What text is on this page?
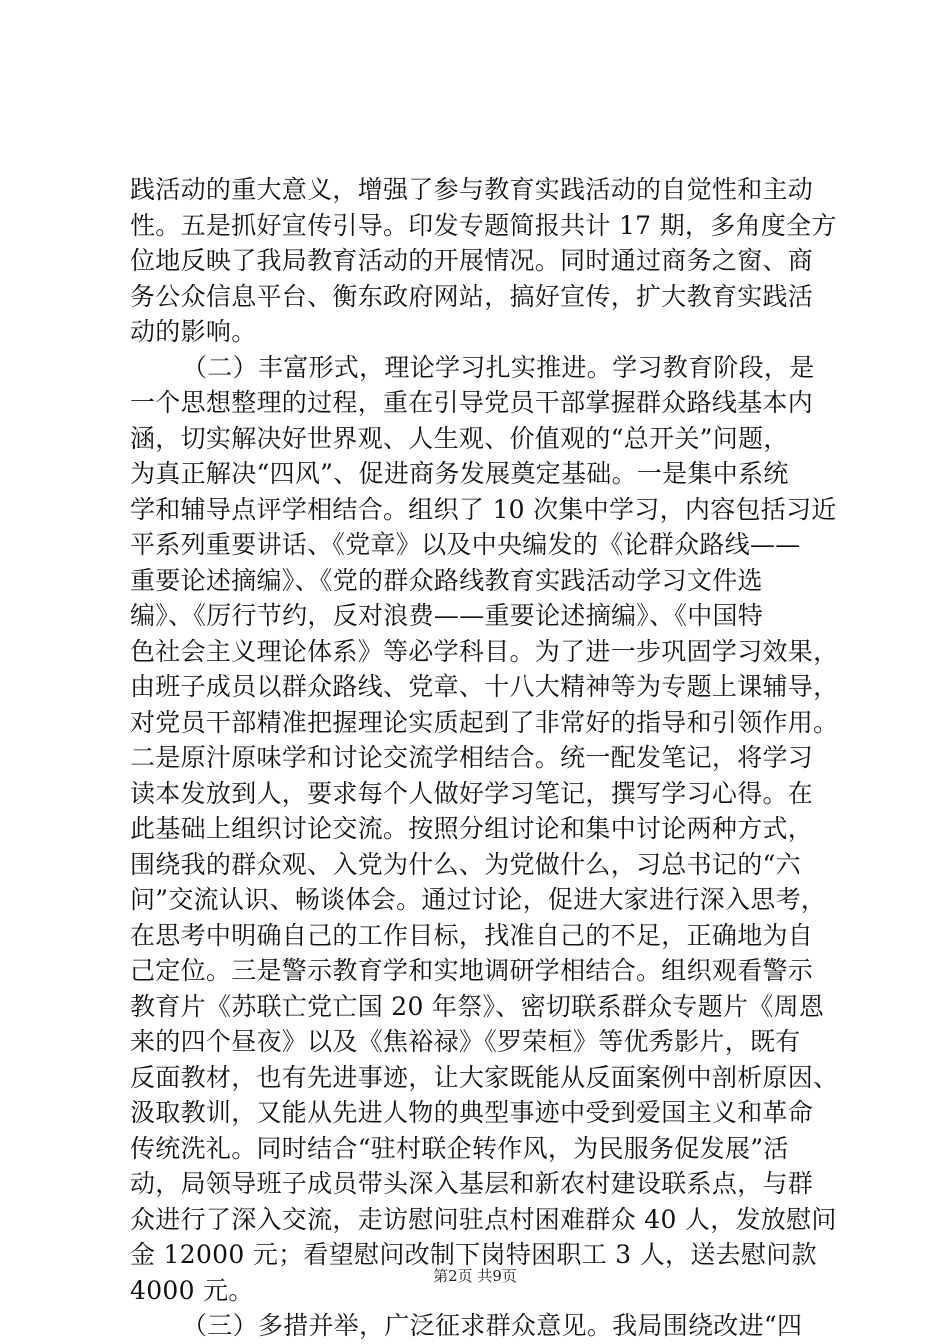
践活动的重大意义，增强了参与教育实践活动的自觉性和主动
性。五是抓好宣传引导。印发专题简报共计 17 期，多角度全方
位地反映了我局教育活动的开展情况。同时通过商务之窗、商
务公众信息平台、衡东政府网站，搞好宣传，扩大教育实践活
动的影响。
（二）丰富形式，理论学习扎实推进。学习教育阶段，是
一个思想整理的过程，重在引导党员干部掌握群众路线基本内
涵，切实解决好世界观、人生观、价值观的“总开关”问题，
为真正解决“四风”、促进商务发展奠定基础。一是集中系统
学和辅导点评学相结合。组织了 10 次集中学习，内容包括习近
平系列重要讲话、《党章》以及中央编发的《论群众路线——
重要论述摘编》、《党的群众路线教育实践活动学习文件选
编》、《厉行节约，反对浪费——重要论述摘编》、《中国特
色社会主义理论体系》等必学科目。为了进一步巩固学习效果，
由班子成员以群众路线、党章、十八大精神等为专题上课辅导，
对党员干部精准把握理论实质起到了非常好的指导和引领作用。
二是原汁原味学和讨论交流学相结合。统一配发笔记，将学习
读本发放到人，要求每个人做好学习笔记，撰写学习心得。在
此基础上组织讨论交流。按照分组讨论和集中讨论两种方式，
围绕我的群众观、入党为什么、为党做什么，习总书记的“六
问”交流认识、畅谈体会。通过讨论，促进大家进行深入思考，
在思考中明确自己的工作目标，找准自己的不足，正确地为自
己定位。三是警示教育学和实地调研学相结合。组织观看警示
教育片《苏联亡党亡国 20 年祭》、密切联系群众专题片《周恩
来的四个昼夜》以及《焦裕禄》《罗荣桓》等优秀影片，既有
反面教材，也有先进事迹，让大家既能从反面案例中剖析原因、
汲取教训，又能从先进人物的典型事迹中受到爱国主义和革命
传统洗礼。同时结合“驻村联企转作风，为民服务促发展”活
动，局领导班子成员带头深入基层和新农村建设联系点，与群
众进行了深入交流，走访慰问驻点村困难群众 40 人，发放慰问
金 12000 元；看望慰问改制下岗特困职工 3 人，送去慰问款
4000 元。
（三）多措并举，广泛征求群众意见。我局围绕改进“四
第2页 共9页
